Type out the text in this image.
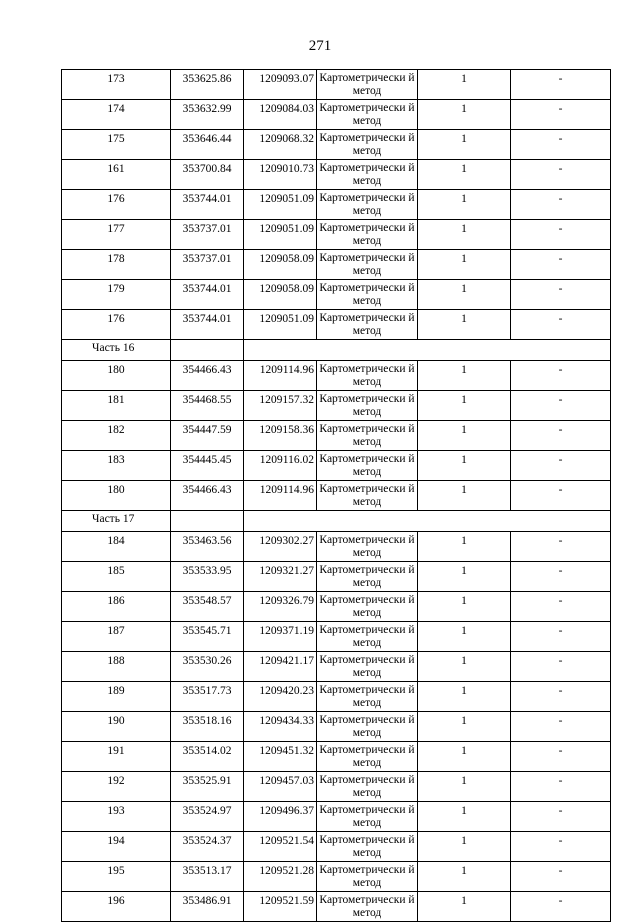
271
173	353625.86	1209093.07	Картометрически й метод	1	-
174	353632.99	1209084.03	Картометрически й метод	1	-
175	353646.44	1209068.32	Картометрически й метод	1	-
161	353700.84	1209010.73	Картометрически й метод	1	-
176	353744.01	1209051.09	Картометрически й метод	1	-
177	353737.01	1209051.09	Картометрически й метод	1	-
178	353737.01	1209058.09	Картометрически й метод	1	-
179	353744.01	1209058.09	Картометрически й метод	1	-
176	353744.01	1209051.09	Картометрически й метод	1	-
Часть 16					
180	354466.43	1209114.96	Картометрически й метод	1	-
181	354468.55	1209157.32	Картометрически й метод	1	-
182	354447.59	1209158.36	Картометрически й метод	1	-
183	354445.45	1209116.02	Картометрически й метод	1	-
180	354466.43	1209114.96	Картометрически й метод	1	-
Часть 17					
184	353463.56	1209302.27	Картометрически й метод	1	-
185	353533.95	1209321.27	Картометрически й метод	1	-
186	353548.57	1209326.79	Картометрически й метод	1	-
187	353545.71	1209371.19	Картометрически й метод	1	-
188	353530.26	1209421.17	Картометрически й метод	1	-
189	353517.73	1209420.23	Картометрически й метод	1	-
190	353518.16	1209434.33	Картометрически й метод	1	-
191	353514.02	1209451.32	Картометрически й метод	1	-
192	353525.91	1209457.03	Картометрически й метод	1	-
193	353524.97	1209496.37	Картометрически й метод	1	-
194	353524.37	1209521.54	Картометрически й метод	1	-
195	353513.17	1209521.28	Картометрически й метод	1	-
196	353486.91	1209521.59	Картометрически й метод	1	-
